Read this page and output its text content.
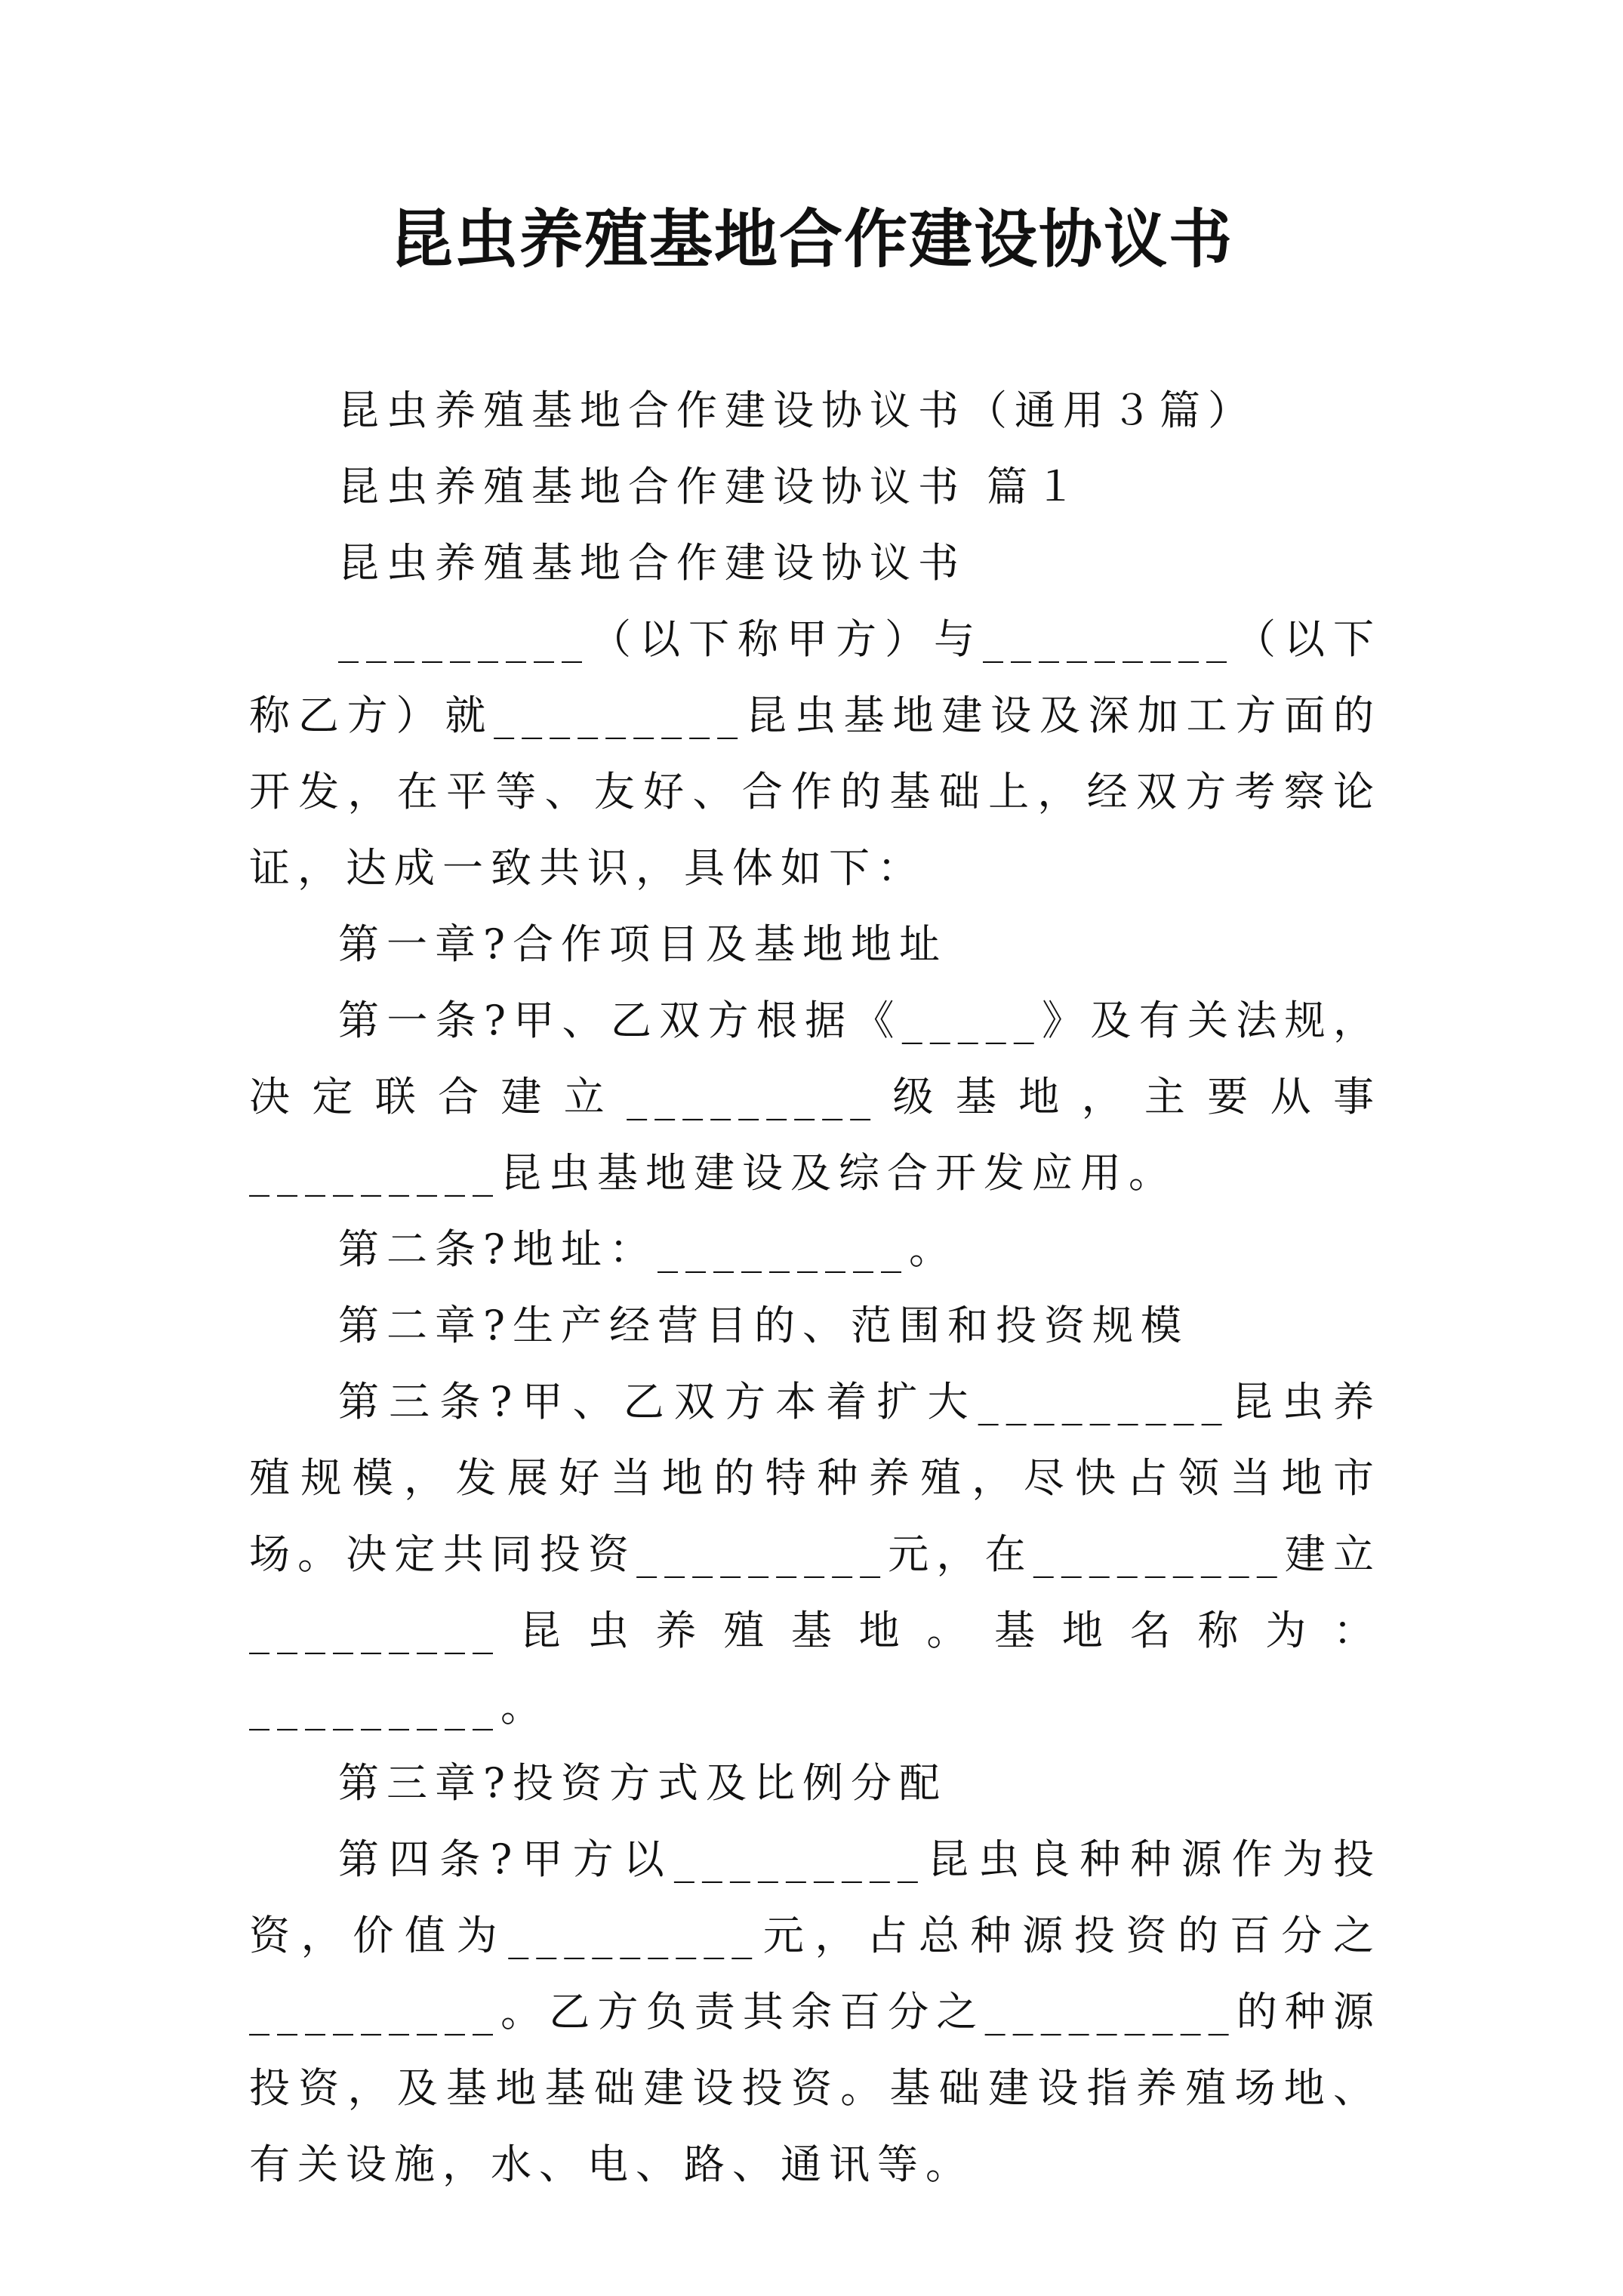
昆虫养殖基地合作建设协议书

昆虫养殖基地合作建设协议书（通用３篇）

昆虫养殖基地合作建设协议书 篇１

昆虫养殖基地合作建设协议书

_________（以下称甲方）与_________（以下称乙方）就_________昆虫基地建设及深加工方面的开发，在平等、友好、合作的基础上，经双方考察论证，达成一致共识，具体如下：

第一章?合作项目及基地地址

第一条?甲、乙双方根据《_____》及有关法规，决定联合建立_________级基地，主要从事_________昆虫基地建设及综合开发应用。

第二条?地址：_________。

第二章?生产经营目的、范围和投资规模

第三条?甲、乙双方本着扩大_________昆虫养殖规模，发展好当地的特种养殖，尽快占领当地市场。决定共同投资_________元，在_________建立_________昆虫养殖基地。基地名称为：_________。

第三章?投资方式及比例分配

第四条?甲方以_________昆虫良种种源作为投资，价值为_________元，占总种源投资的百分之_________。乙方负责其余百分之_________的种源投资，及基地基础建设投资。基础建设指养殖场地、有关设施，水、电、路、通讯等。
